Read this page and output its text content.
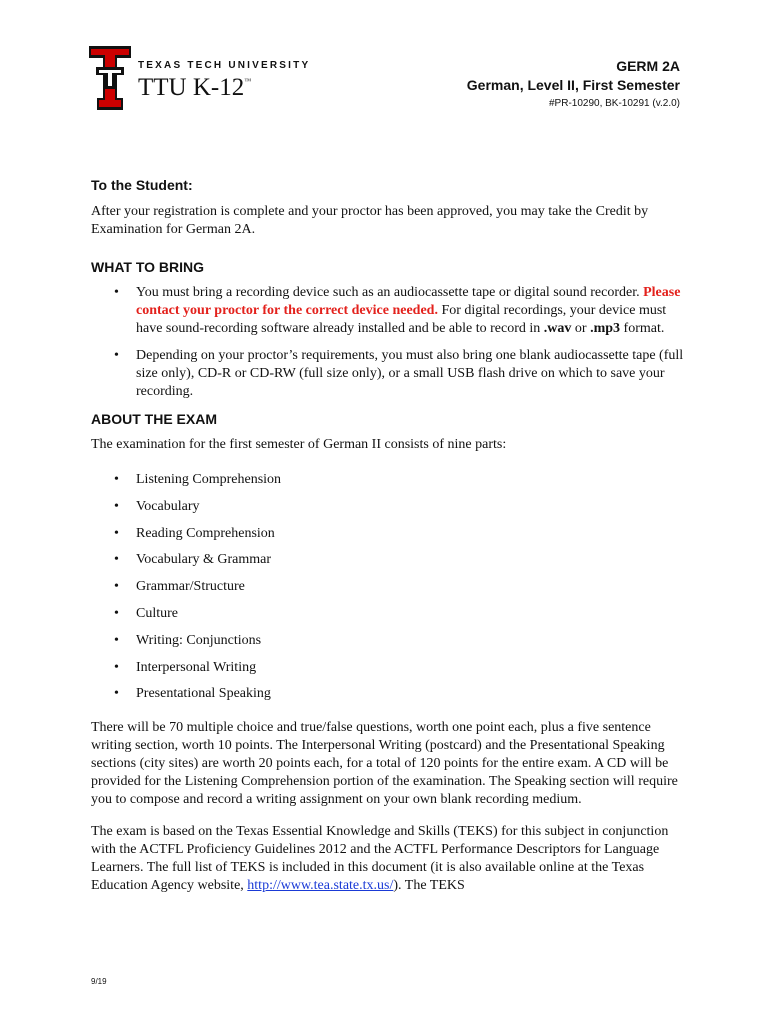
TEXAS TECH UNIVERSITY
TTU K-12™
GERM 2A
German, Level II, First Semester
#PR-10290, BK-10291 (v.2.0)
To the Student:

After your registration is complete and your proctor has been approved, you may take the Credit by Examination for German 2A.

WHAT TO BRING
• You must bring a recording device such as an audiocassette tape or digital sound recorder. Please contact your proctor for the correct device needed. For digital recordings, your device must have sound-recording software already installed and be able to record in .wav or .mp3 format.
• Depending on your proctor’s requirements, you must also bring one blank audiocassette tape (full size only), CD-R or CD-RW (full size only), or a small USB flash drive on which to save your recording.
ABOUT THE EXAM

The examination for the first semester of German II consists of nine parts:

• Listening Comprehension
• Vocabulary
• Reading Comprehension
• Vocabulary & Grammar
• Grammar/Structure
• Culture
• Writing: Conjunctions
• Interpersonal Writing
• Presentational Speaking

There will be 70 multiple choice and true/false questions, worth one point each, plus a five sentence writing section, worth 10 points. The Interpersonal Writing (postcard) and the Presentational Speaking sections (city sites) are worth 20 points each, for a total of 120 points for the entire exam. A CD will be provided for the Listening Comprehension portion of the examination. The Speaking section will require you to compose and record a writing assignment on your own blank recording medium.

The exam is based on the Texas Essential Knowledge and Skills (TEKS) for this subject in conjunction with the ACTFL Proficiency Guidelines 2012 and the ACTFL Performance Descriptors for Language Learners. The full list of TEKS is included in this document (it is also available online at the Texas Education Agency website, http://www.tea.state.tx.us/). The TEKS

9/19
